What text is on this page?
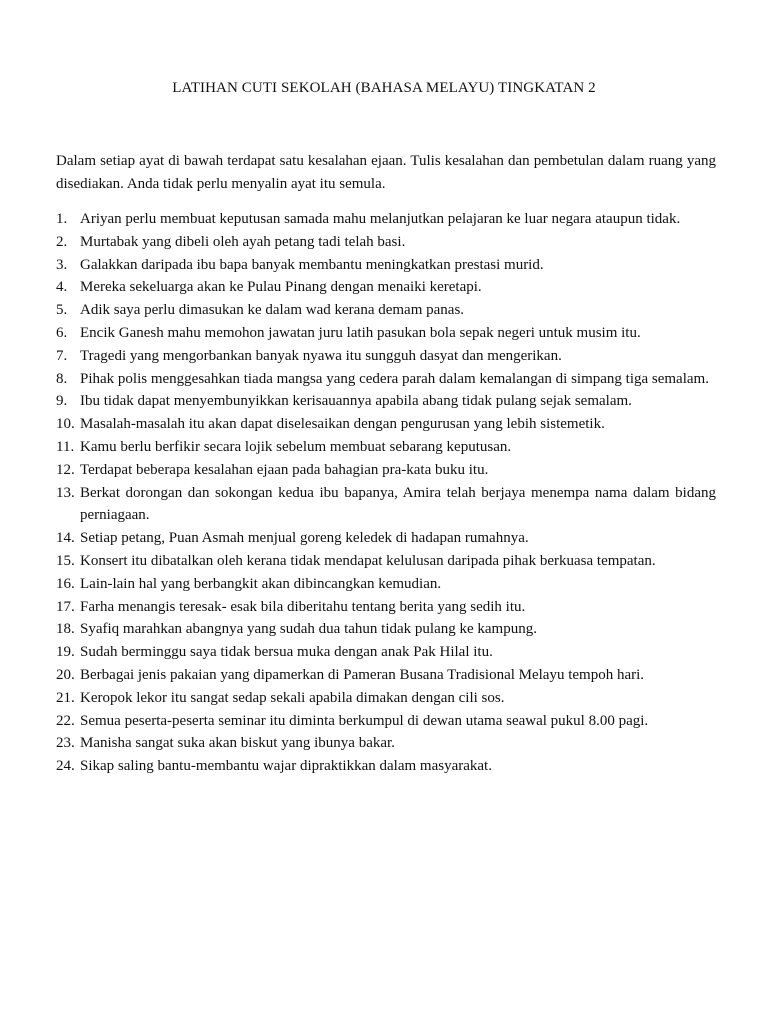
LATIHAN CUTI SEKOLAH (BAHASA MELAYU) TINGKATAN 2
Dalam setiap ayat di bawah terdapat satu kesalahan ejaan. Tulis kesalahan dan pembetulan dalam ruang yang disediakan. Anda tidak perlu menyalin ayat itu semula.
1. Ariyan perlu membuat keputusan samada mahu melanjutkan pelajaran ke luar negara ataupun tidak.
2. Murtabak yang dibeli oleh ayah petang tadi telah basi.
3. Galakkan daripada ibu bapa banyak membantu meningkatkan prestasi murid.
4. Mereka sekeluarga akan ke Pulau Pinang dengan menaiki keretapi.
5. Adik saya perlu dimasukan ke dalam wad kerana demam panas.
6. Encik Ganesh mahu memohon jawatan juru latih pasukan bola sepak negeri untuk musim itu.
7. Tragedi yang mengorbankan banyak nyawa itu sungguh dasyat dan mengerikan.
8. Pihak polis menggesahkan tiada mangsa yang cedera parah dalam kemalangan di simpang tiga semalam.
9. Ibu tidak dapat menyembunyikkan kerisauannya apabila abang tidak pulang sejak semalam.
10. Masalah-masalah itu akan dapat diselesaikan dengan pengurusan yang lebih sistemetik.
11. Kamu berlu berfikir secara lojik sebelum membuat sebarang keputusan.
12. Terdapat beberapa kesalahan ejaan pada bahagian pra-kata buku itu.
13. Berkat dorongan dan sokongan kedua ibu bapanya, Amira telah berjaya menempa nama dalam bidang perniagaan.
14. Setiap petang, Puan Asmah menjual goreng keledek di hadapan rumahnya.
15. Konsert itu dibatalkan oleh kerana tidak mendapat kelulusan daripada pihak berkuasa tempatan.
16. Lain-lain hal yang berbangkit akan dibincangkan kemudian.
17. Farha menangis teresak- esak bila diberitahu tentang berita yang sedih itu.
18. Syafiq marahkan abangnya yang sudah dua tahun tidak pulang ke kampung.
19. Sudah berminggu saya tidak bersua muka dengan anak Pak Hilal itu.
20. Berbagai jenis pakaian yang dipamerkan di Pameran Busana Tradisional Melayu tempoh hari.
21. Keropok lekor itu sangat sedap sekali apabila dimakan dengan cili sos.
22. Semua peserta-peserta seminar itu diminta berkumpul di dewan utama seawal pukul 8.00 pagi.
23. Manisha sangat suka akan biskut yang ibunya bakar.
24. Sikap saling bantu-membantu wajar dipraktikkan dalam masyarakat.
